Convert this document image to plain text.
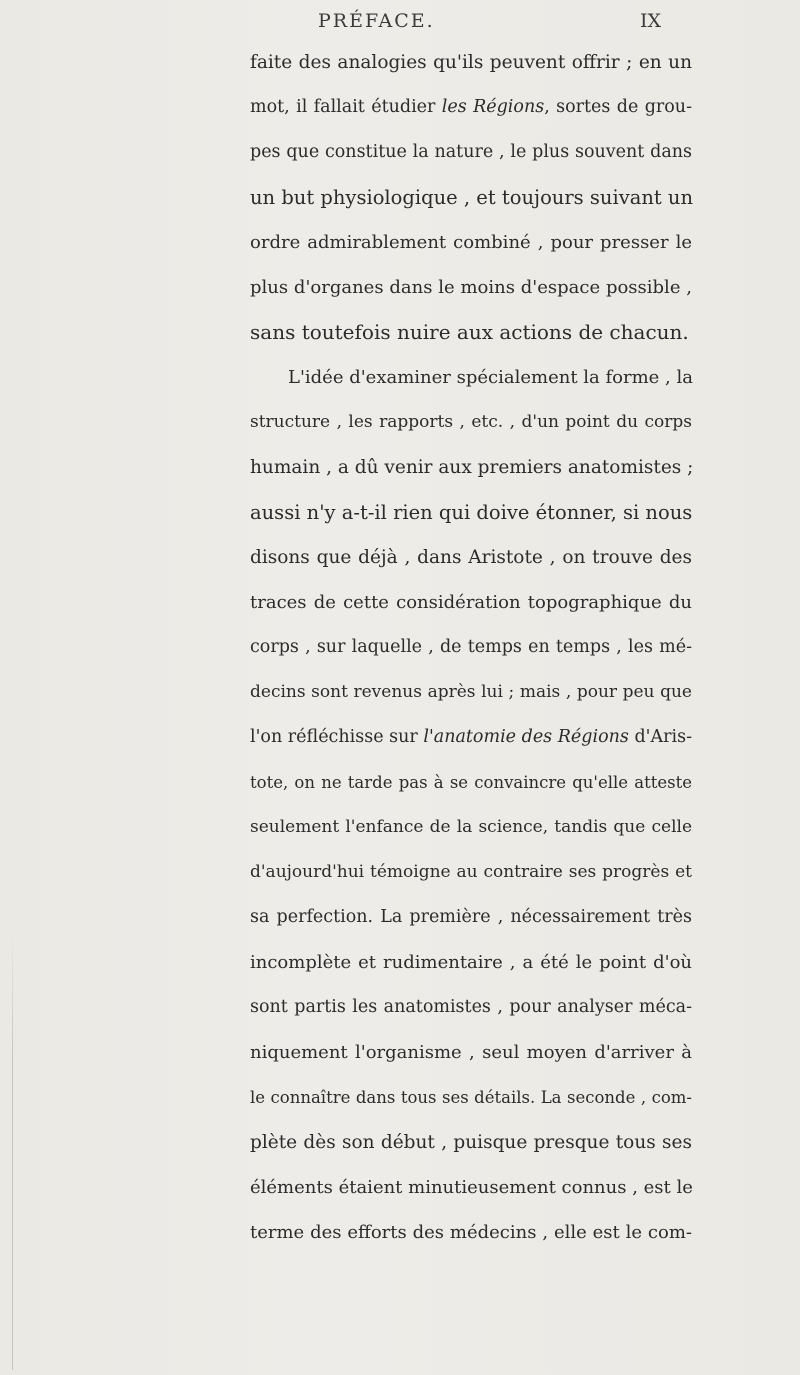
PRÉFACE.	IX
faite des analogies qu'ils peuvent offrir ; en un
mot, il fallait étudier les Régions, sortes de grou-
pes que constitue la nature , le plus souvent dans
un but physiologique , et toujours suivant un
ordre admirablement combiné , pour presser le
plus d'organes dans le moins d'espace possible ,
sans toutefois nuire aux actions de chacun.
L'idée d'examiner spécialement la forme , la
structure , les rapports , etc. , d'un point du corps
humain , a dû venir aux premiers anatomistes ;
aussi n'y a-t-il rien qui doive étonner, si nous
disons que déjà , dans Aristote , on trouve des
traces de cette considération topographique du
corps , sur laquelle , de temps en temps , les mé-
decins sont revenus après lui ; mais , pour peu que
l'on réfléchisse sur l'anatomie des Régions d'Aris-
tote, on ne tarde pas à se convaincre qu'elle atteste
seulement l'enfance de la science, tandis que celle
d'aujourd'hui témoigne au contraire ses progrès et
sa perfection. La première , nécessairement très
incomplète et rudimentaire , a été le point d'où
sont partis les anatomistes , pour analyser méca-
niquement l'organisme , seul moyen d'arriver à
le connaître dans tous ses détails. La seconde , com-
plète dès son début , puisque presque tous ses
éléments étaient minutieusement connus , est le
terme des efforts des médecins , elle est le com-
